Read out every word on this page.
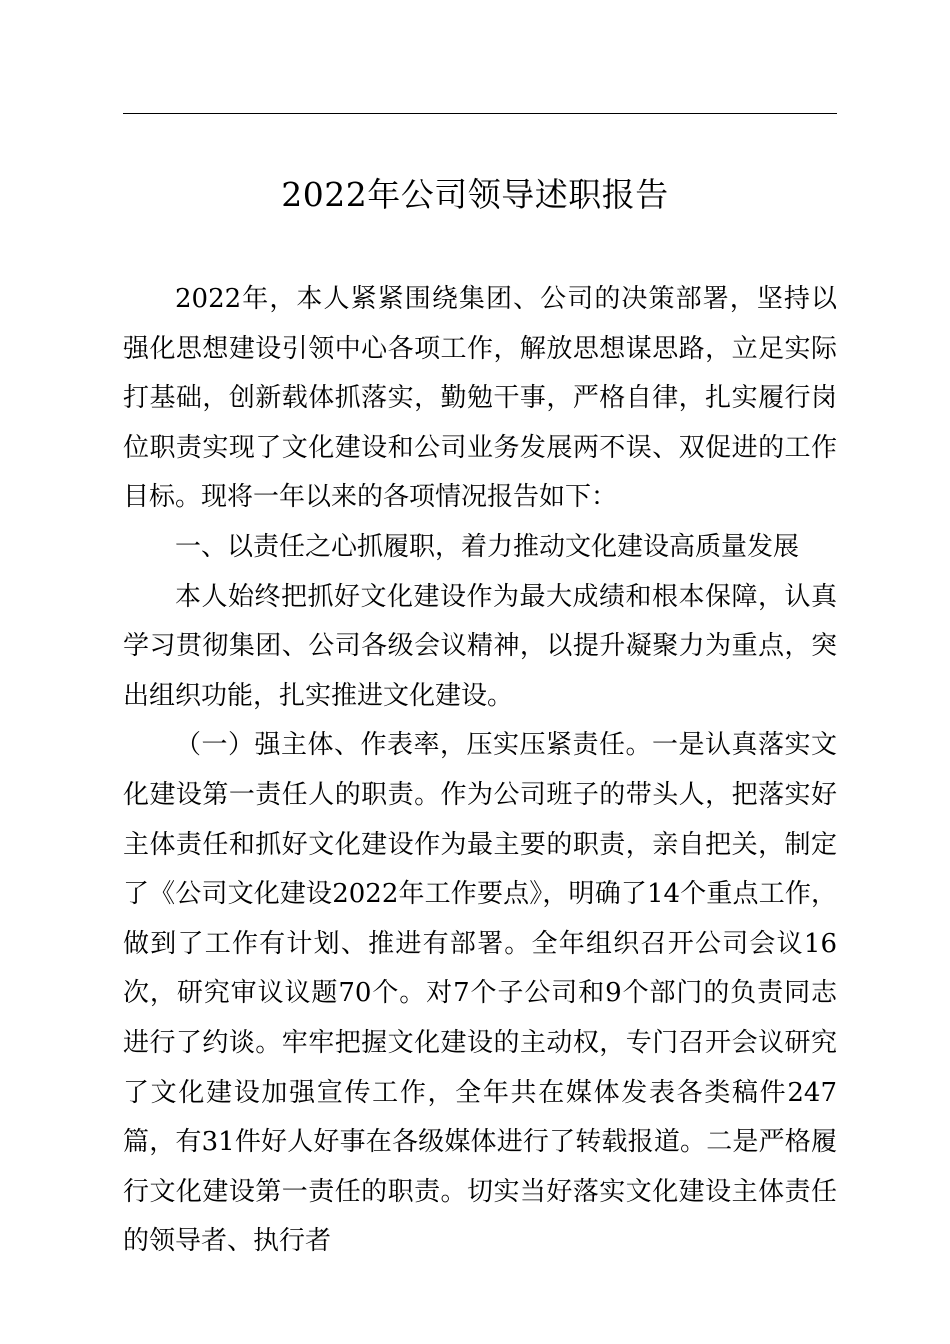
2022年公司领导述职报告

2022年，本人紧紧围绕集团、公司的决策部署，坚持以强化思想建设引领中心各项工作，解放思想谋思路，立足实际打基础，创新载体抓落实，勤勉干事，严格自律，扎实履行岗位职责实现了文化建设和公司业务发展两不误、双促进的工作目标。现将一年以来的各项情况报告如下：

一、以责任之心抓履职，着力推动文化建设高质量发展

本人始终把抓好文化建设作为最大成绩和根本保障，认真学习贯彻集团、公司各级会议精神，以提升凝聚力为重点，突出组织功能，扎实推进文化建设。

（一）强主体、作表率，压实压紧责任。一是认真落实文化建设第一责任人的职责。作为公司班子的带头人，把落实好主体责任和抓好文化建设作为最主要的职责，亲自把关，制定了《公司文化建设2022年工作要点》，明确了14个重点工作，做到了工作有计划、推进有部署。全年组织召开公司会议16次，研究审议议题70个。对7个子公司和9个部门的负责同志进行了约谈。牢牢把握文化建设的主动权，专门召开会议研究了文化建设加强宣传工作，全年共在媒体发表各类稿件247篇，有31件好人好事在各级媒体进行了转载报道。二是严格履行文化建设第一责任的职责。切实当好落实文化建设主体责任的领导者、执行者
